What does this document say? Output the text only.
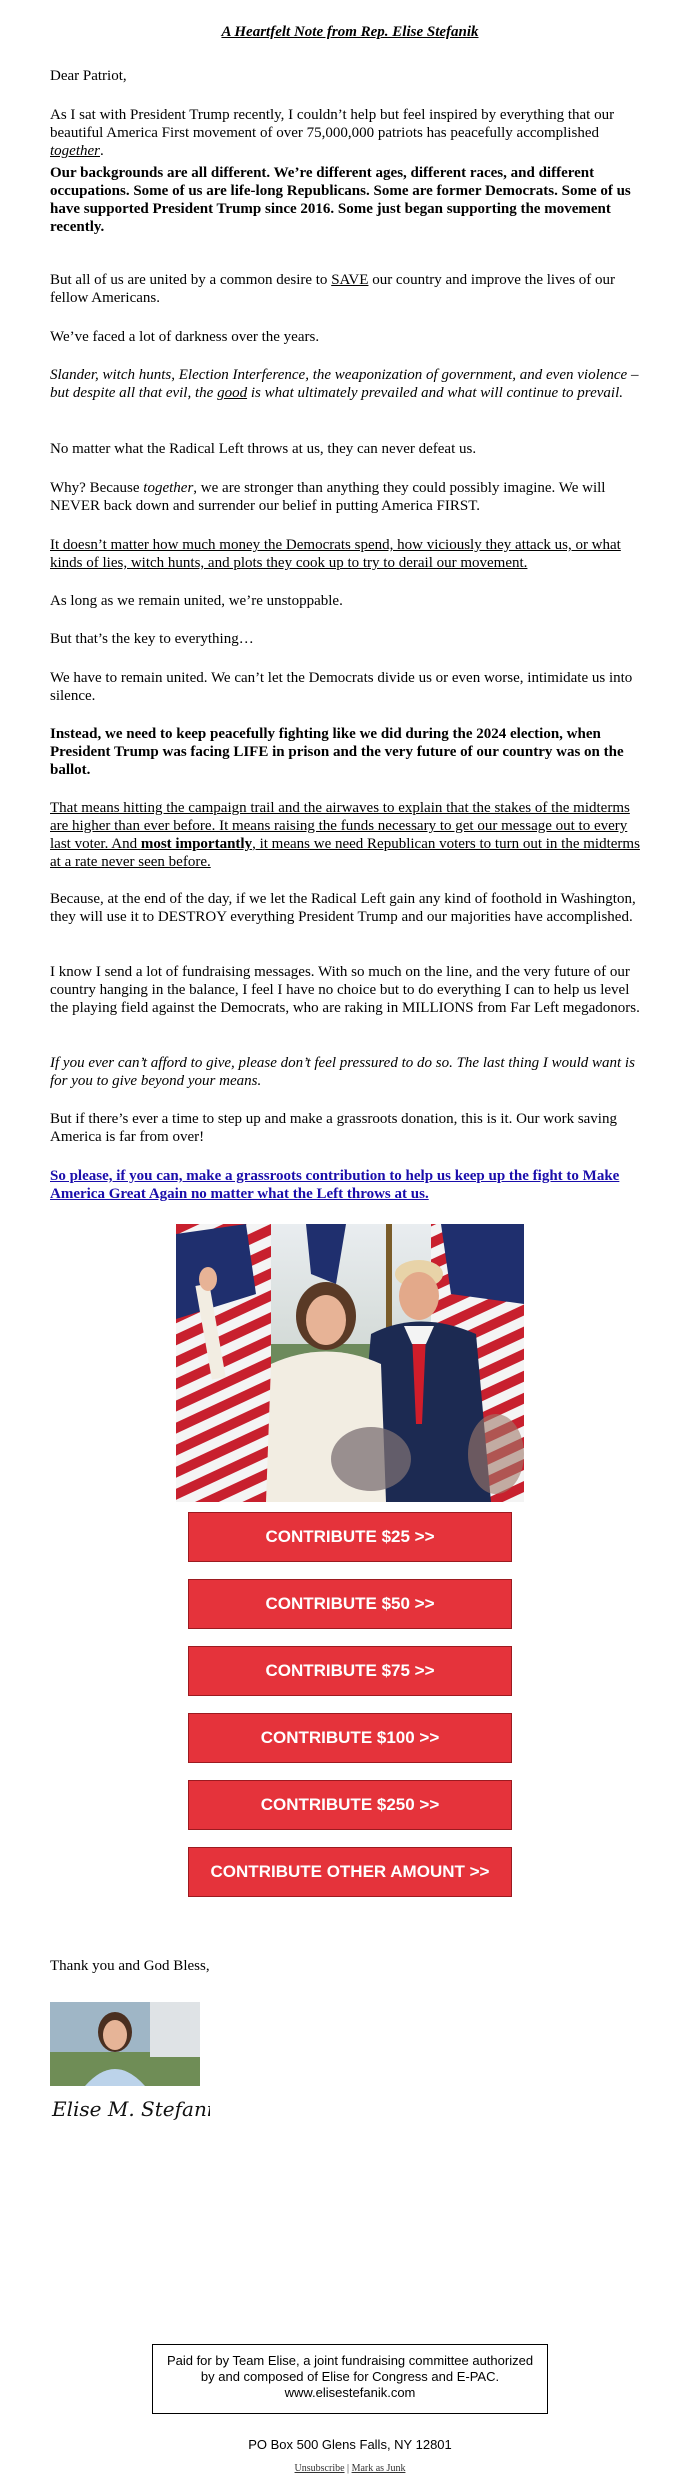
A Heartfelt Note from Rep. Elise Stefanik

Dear Patriot,

As I sat with President Trump recently, I couldn’t help but feel inspired by everything that our beautiful America First movement of over 75,000,000 patriots has peacefully accomplished together.

Our backgrounds are all different. We’re different ages, different races, and different occupations. Some of us are life-long Republicans. Some are former Democrats. Some of us have supported President Trump since 2016. Some just began supporting the movement recently.

But all of us are united by a common desire to SAVE our country and improve the lives of our fellow Americans.

We’ve faced a lot of darkness over the years.

Slander, witch hunts, Election Interference, the weaponization of government, and even violence – but despite all that evil, the good is what ultimately prevailed and what will continue to prevail.

No matter what the Radical Left throws at us, they can never defeat us.

Why? Because together, we are stronger than anything they could possibly imagine. We will NEVER back down and surrender our belief in putting America FIRST.

It doesn’t matter how much money the Democrats spend, how viciously they attack us, or what kinds of lies, witch hunts, and plots they cook up to try to derail our movement.

As long as we remain united, we’re unstoppable.

But that’s the key to everything…

We have to remain united. We can’t let the Democrats divide us or even worse, intimidate us into silence.

Instead, we need to keep peacefully fighting like we did during the 2024 election, when President Trump was facing LIFE in prison and the very future of our country was on the ballot.

That means hitting the campaign trail and the airwaves to explain that the stakes of the midterms are higher than ever before. It means raising the funds necessary to get our message out to every last voter. And most importantly, it means we need Republican voters to turn out in the midterms at a rate never seen before.

Because, at the end of the day, if we let the Radical Left gain any kind of foothold in Washington, they will use it to DESTROY everything President Trump and our majorities have accomplished.

I know I send a lot of fundraising messages. With so much on the line, and the very future of our country hanging in the balance, I feel I have no choice but to do everything I can to help us level the playing field against the Democrats, who are raking in MILLIONS from Far Left megadonors.

If you ever can’t afford to give, please don’t feel pressured to do so. The last thing I would want is for you to give beyond your means.

But if there’s ever a time to step up and make a grassroots donation, this is it. Our work saving America is far from over!

So please, if you can, make a grassroots contribution to help us keep up the fight to Make America Great Again no matter what the Left throws at us.

CONTRIBUTE $25 >>
CONTRIBUTE $50 >>
CONTRIBUTE $75 >>
CONTRIBUTE $100 >>
CONTRIBUTE $250 >>
CONTRIBUTE OTHER AMOUNT >>

Thank you and God Bless,

Elise M. Stefanik
Paid for by Team Elise, a joint fundraising committee authorized by and composed of Elise for Congress and E-PAC. www.elisestefanik.com
PO Box 500 Glens Falls, NY 12801
Unsubscribe | Mark as Junk
